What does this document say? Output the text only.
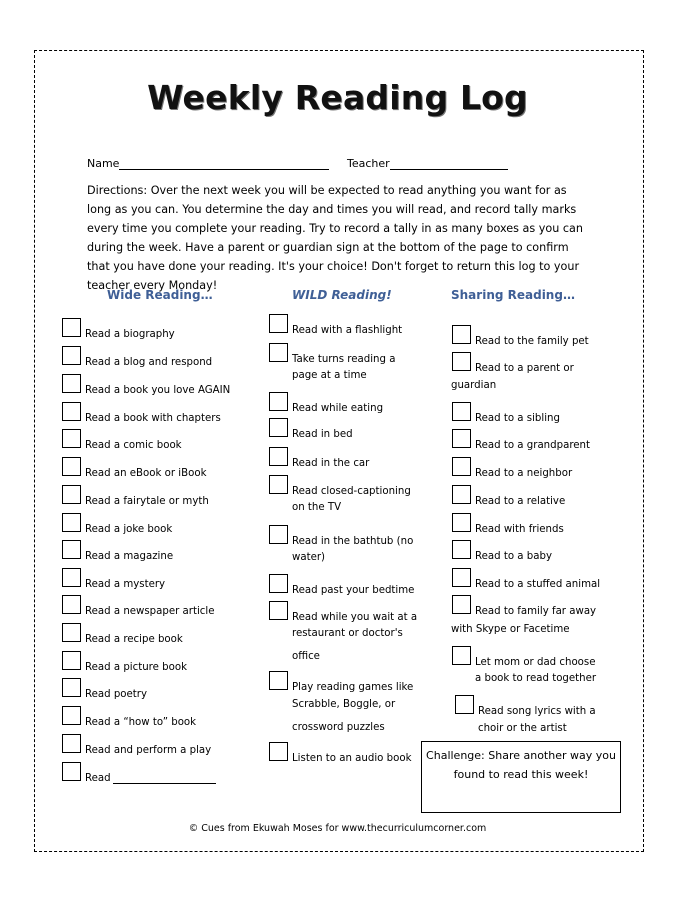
Weekly Reading Log
Name	Teacher
Directions: Over the next week you will be expected to read anything you want for as long as you can. You determine the day and times you will read, and record tally marks every time you complete your reading. Try to record a tally in as many boxes as you can during the week. Have a parent or guardian sign at the bottom of the page to confirm that you have done your reading. It's your choice! Don't forget to return this log to your teacher every Monday!
Wide Reading…	WILD Reading!	Sharing Reading…
Read a biography
Read a blog and respond
Read a book you love AGAIN
Read a book with chapters
Read a comic book
Read an eBook or iBook
Read a fairytale or myth
Read a joke book
Read a magazine
Read a mystery
Read a newspaper article
Read a recipe book
Read a picture book
Read poetry
Read a “how to” book
Read and perform a play
Read
Read with a flashlight
Take turns reading a
page at a time
Read while eating
Read in bed
Read in the car
Read closed-captioning
on the TV
Read in the bathtub (no
water)
Read past your bedtime
Read while you wait at a
restaurant or doctor's
office
Play reading games like
Scrabble, Boggle, or
crossword puzzles
Listen to an audio book
Read to the family pet
Read to a parent or
guardian
Read to a sibling
Read to a grandparent
Read to a neighbor
Read to a relative
Read with friends
Read to a baby
Read to a stuffed animal
Read to family far away
with Skype or Facetime
Let mom or dad choose
a book to read together
Read song lyrics with a
choir or the artist
Challenge: Share another way you found to read this week!
© Cues from Ekuwah Moses for www.thecurriculumcorner.com
